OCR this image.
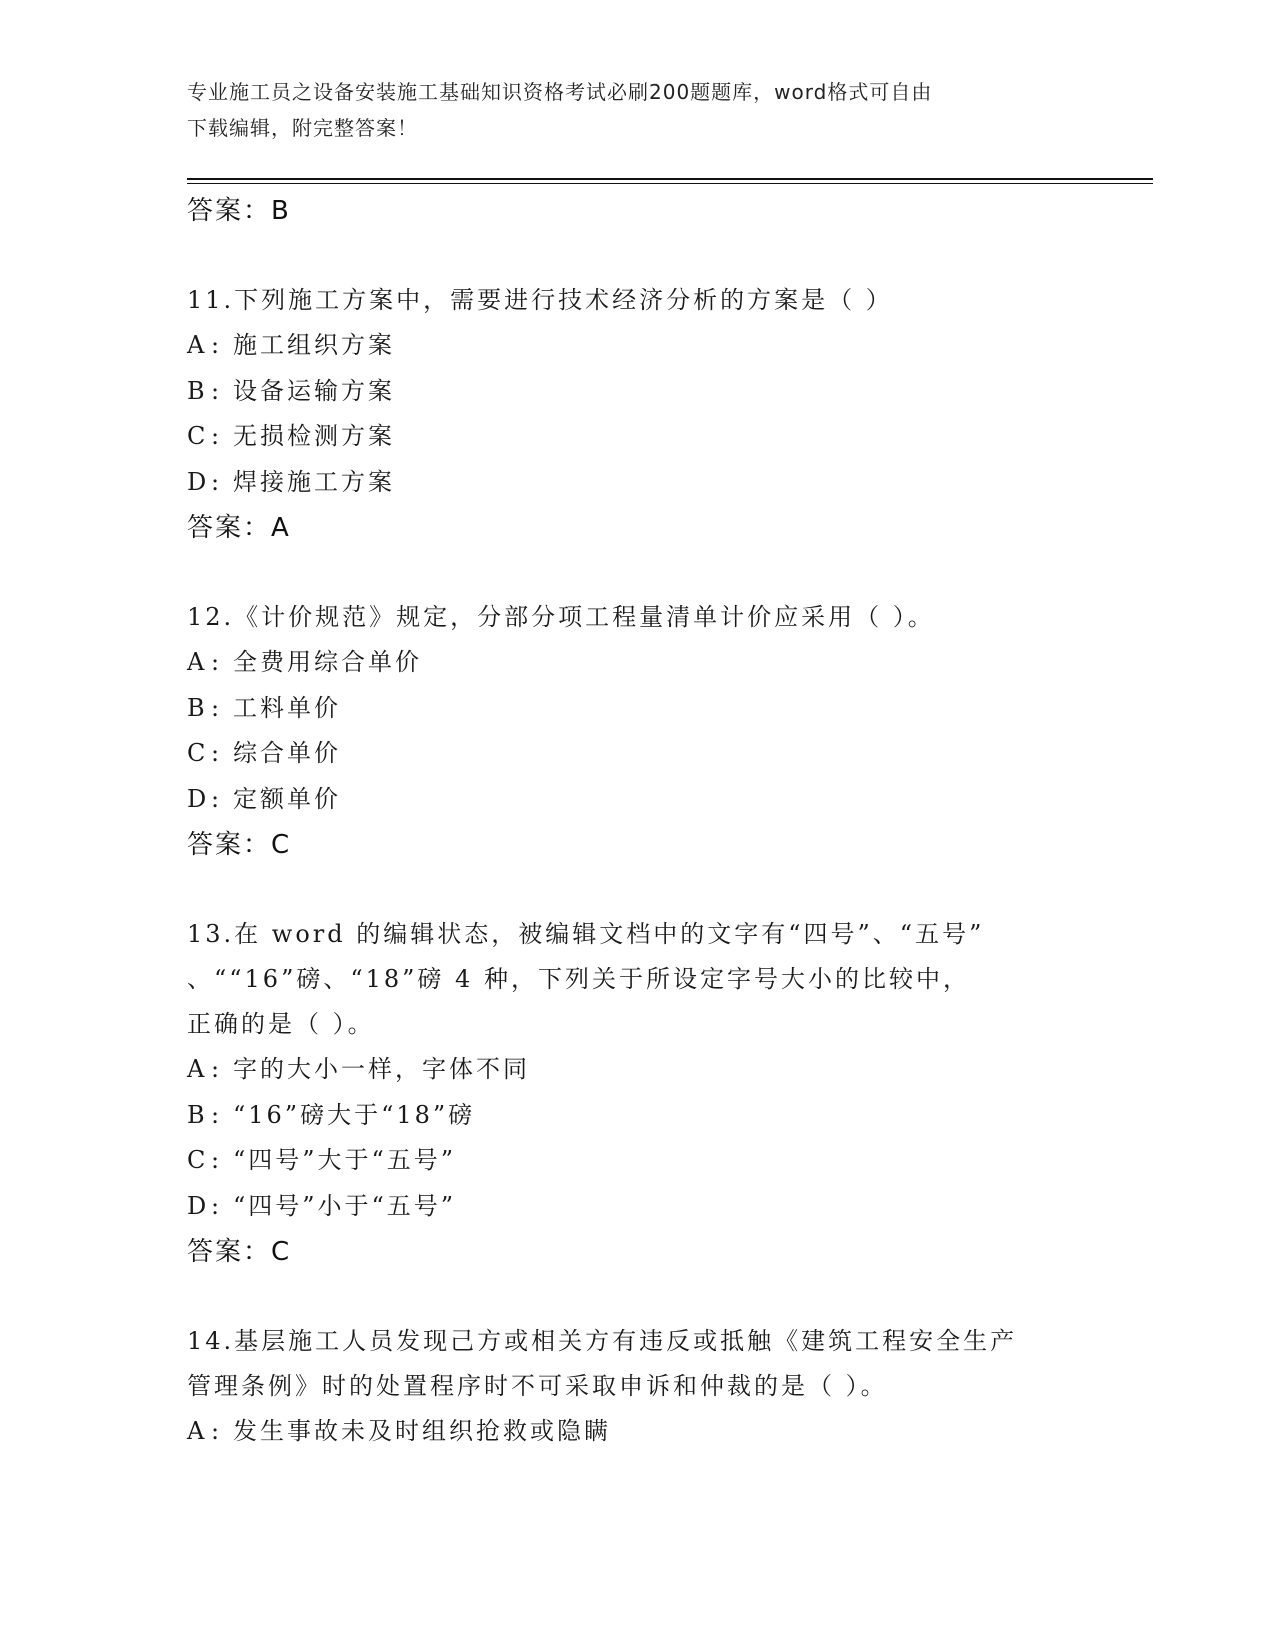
专业施工员之设备安装施工基础知识资格考试必刷200题题库，word格式可自由
下载编辑，附完整答案！
答案：B
11.下列施工方案中，需要进行技术经济分析的方案是（ ）
A : 施工组织方案
B : 设备运输方案
C : 无损检测方案
D: 焊接施工方案
答案：A
12.《计价规范》规定，分部分项工程量清单计价应采用（ ）。
A : 全费用综合单价
B : 工料单价
C : 综合单价
D: 定额单价
答案：C
13.在 word 的编辑状态，被编辑文档中的文字有“四号”、“五号”
、““16”磅、“18”磅 4 种，下列关于所设定字号大小的比较中，
正确的是（ ）。
A : 字的大小一样，字体不同
B : “16”磅大于“18”磅
C : “四号”大于“五号”
D: “四号”小于“五号”
答案：C
14.基层施工人员发现己方或相关方有违反或抵触《建筑工程安全生产
管理条例》时的处置程序时不可采取申诉和仲裁的是（ ）。
A : 发生事故未及时组织抢救或隐瞒
